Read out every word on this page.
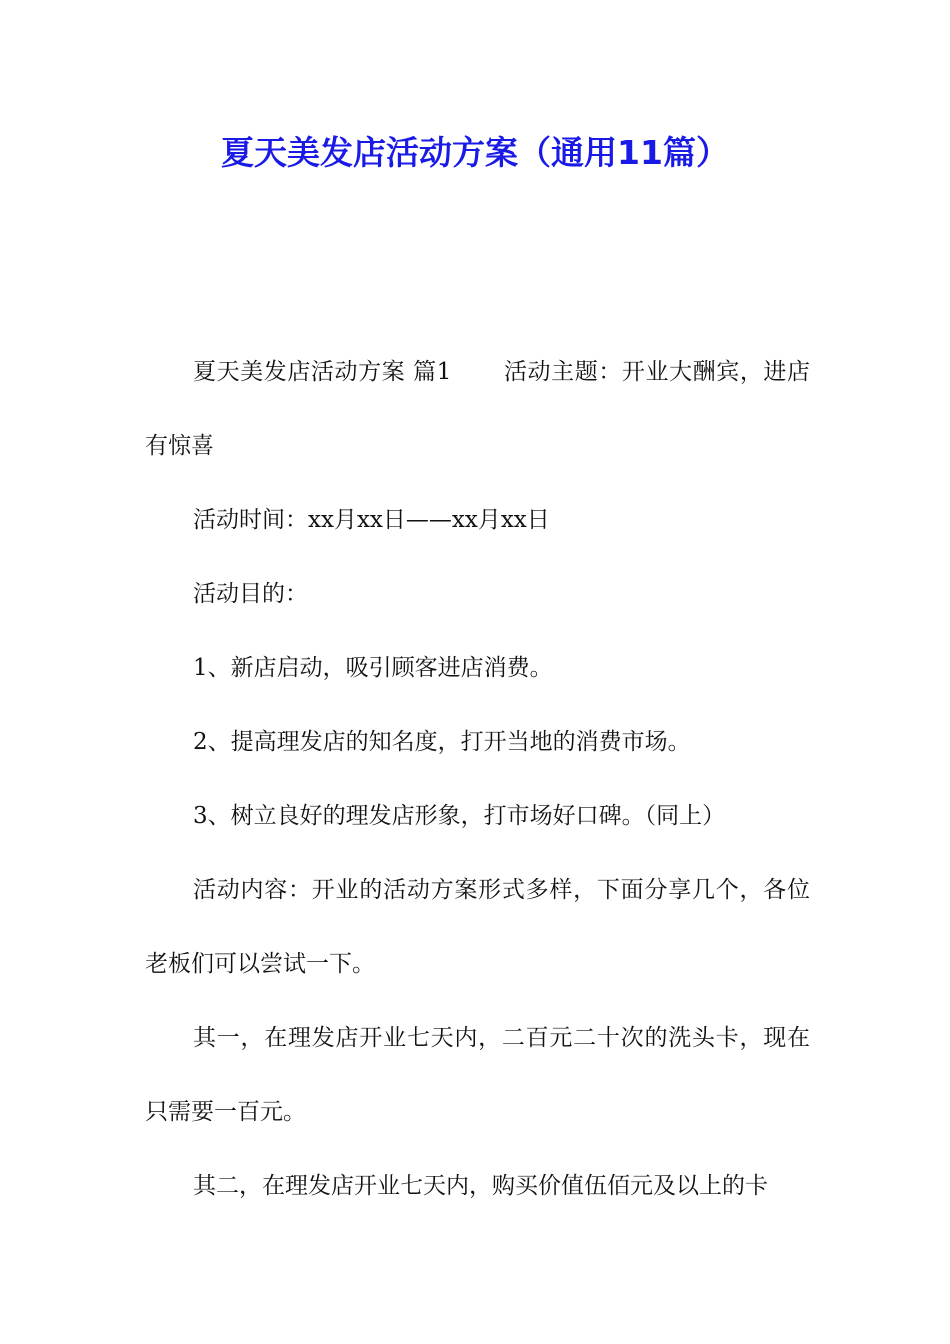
夏天美发店活动方案（通用11篇）

夏天美发店活动方案 篇1 活动主题：开业大酬宾，进店有惊喜

活动时间：xx月xx日——xx月xx日

活动目的：

1、新店启动，吸引顾客进店消费。

2、提高理发店的知名度，打开当地的消费市场。

3、树立良好的理发店形象，打市场好口碑。（同上）

活动内容：开业的活动方案形式多样，下面分享几个，各位老板们可以尝试一下。

其一，在理发店开业七天内，二百元二十次的洗头卡，现在只需要一百元。

其二，在理发店开业七天内，购买价值伍佰元及以上的卡
